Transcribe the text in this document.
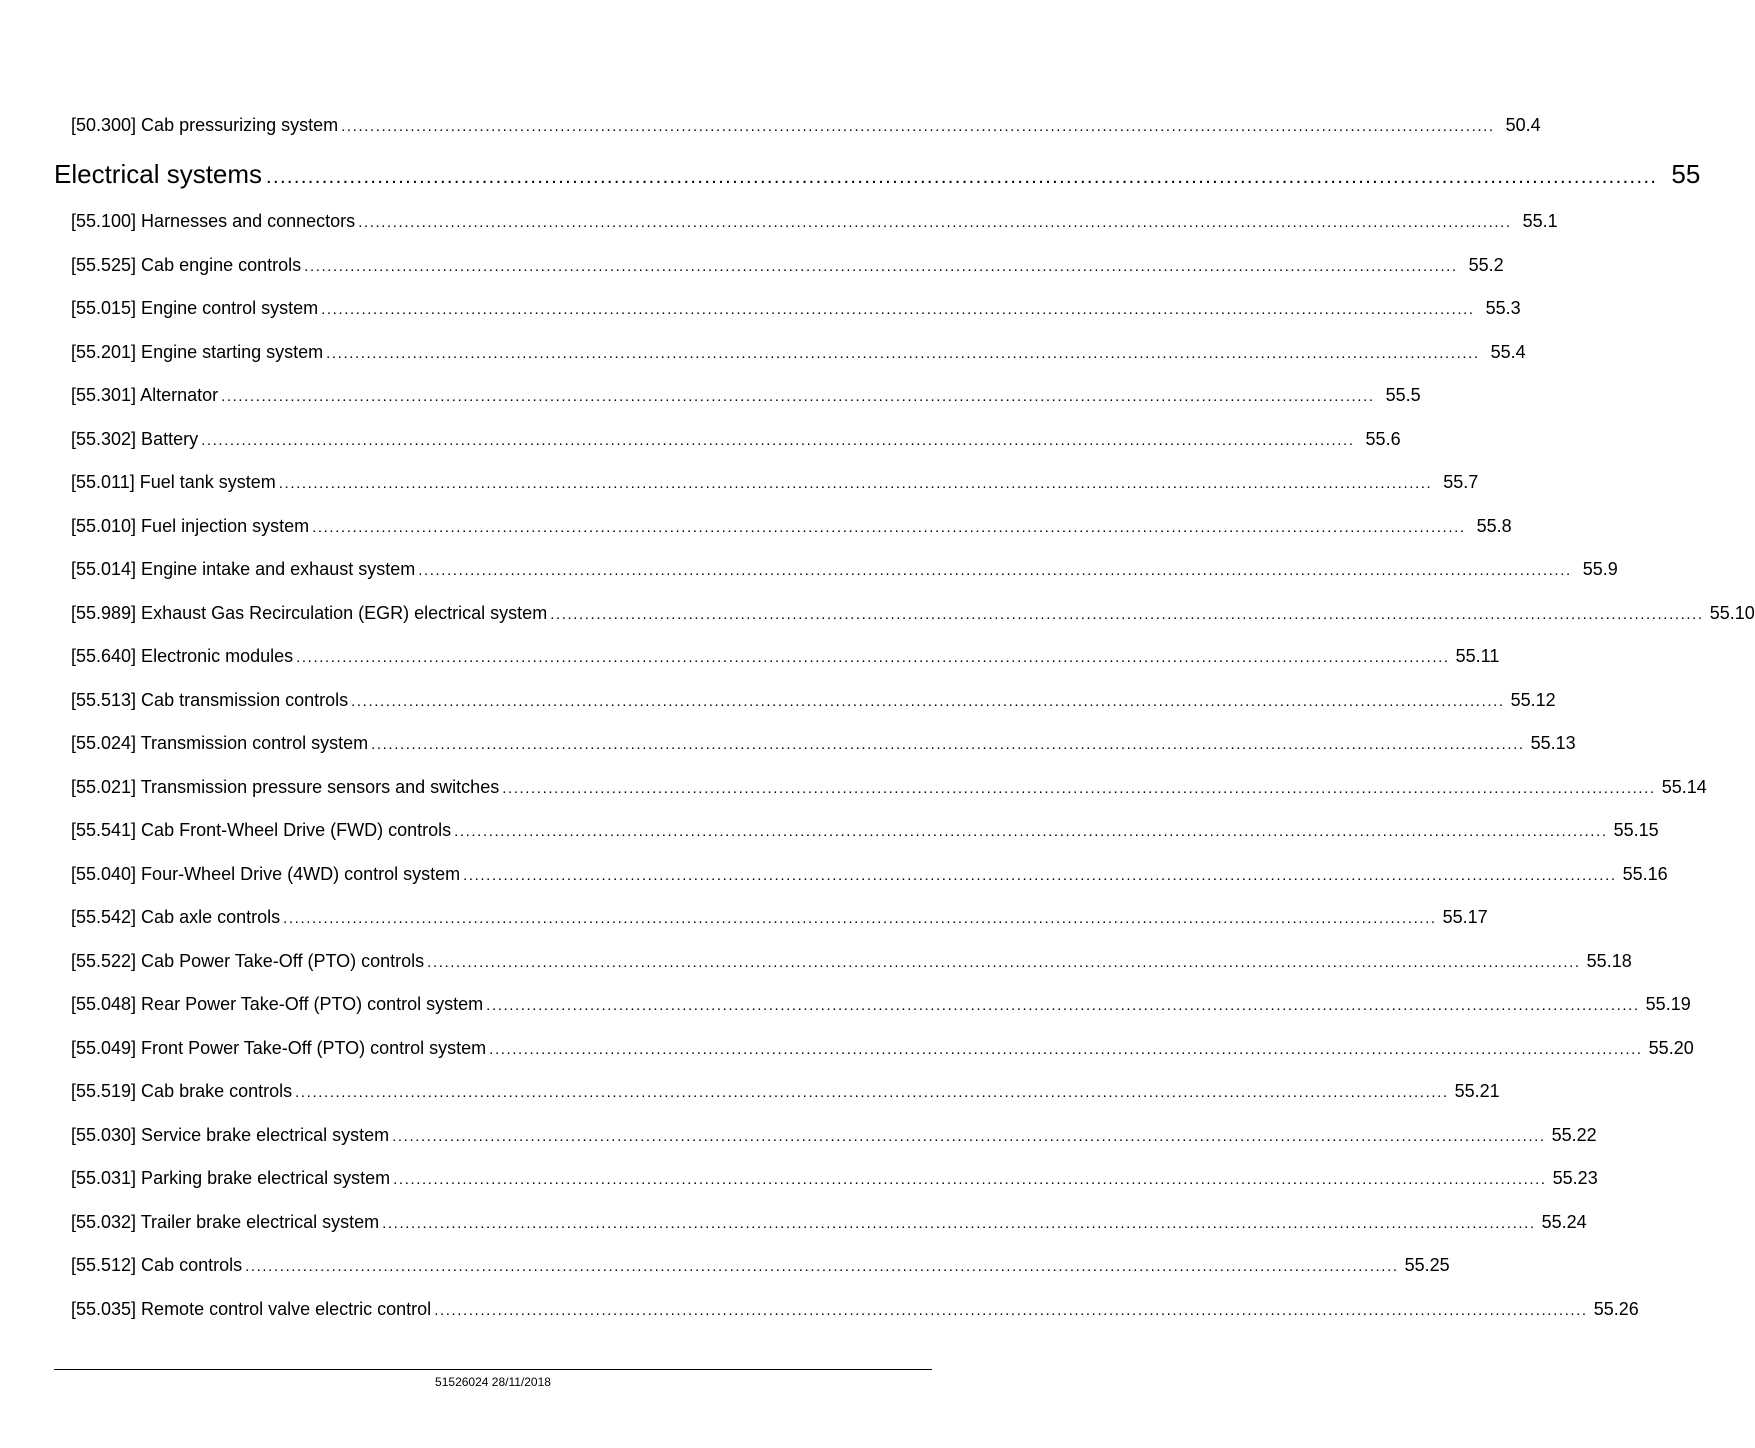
[50.300] Cab pressurizing system ........................................................................................................................................................................................................ 50.4
Electrical systems ........................................................................................................................................................................................................ 55
[55.100] Harnesses and connectors ........................................................................................................................................................................................................ 55.1
[55.525] Cab engine controls ........................................................................................................................................................................................................ 55.2
[55.015] Engine control system ........................................................................................................................................................................................................ 55.3
[55.201] Engine starting system ........................................................................................................................................................................................................ 55.4
[55.301] Alternator ........................................................................................................................................................................................................ 55.5
[55.302] Battery ........................................................................................................................................................................................................ 55.6
[55.011] Fuel tank system ........................................................................................................................................................................................................ 55.7
[55.010] Fuel injection system ........................................................................................................................................................................................................ 55.8
[55.014] Engine intake and exhaust system ........................................................................................................................................................................................................ 55.9
[55.989] Exhaust Gas Recirculation (EGR) electrical system ........................................................................................................................................................................................................ 55.10
[55.640] Electronic modules ........................................................................................................................................................................................................ 55.11
[55.513] Cab transmission controls ........................................................................................................................................................................................................ 55.12
[55.024] Transmission control system ........................................................................................................................................................................................................ 55.13
[55.021] Transmission pressure sensors and switches ........................................................................................................................................................................................................ 55.14
[55.541] Cab Front-Wheel Drive (FWD) controls ........................................................................................................................................................................................................ 55.15
[55.040] Four-Wheel Drive (4WD) control system ........................................................................................................................................................................................................ 55.16
[55.542] Cab axle controls ........................................................................................................................................................................................................ 55.17
[55.522] Cab Power Take-Off (PTO) controls ........................................................................................................................................................................................................ 55.18
[55.048] Rear Power Take-Off (PTO) control system ........................................................................................................................................................................................................ 55.19
[55.049] Front Power Take-Off (PTO) control system ........................................................................................................................................................................................................ 55.20
[55.519] Cab brake controls ........................................................................................................................................................................................................ 55.21
[55.030] Service brake electrical system ........................................................................................................................................................................................................ 55.22
[55.031] Parking brake electrical system ........................................................................................................................................................................................................ 55.23
[55.032] Trailer brake electrical system ........................................................................................................................................................................................................ 55.24
[55.512] Cab controls ........................................................................................................................................................................................................ 55.25
[55.035] Remote control valve electric control ........................................................................................................................................................................................................ 55.26
51526024 28/11/2018
